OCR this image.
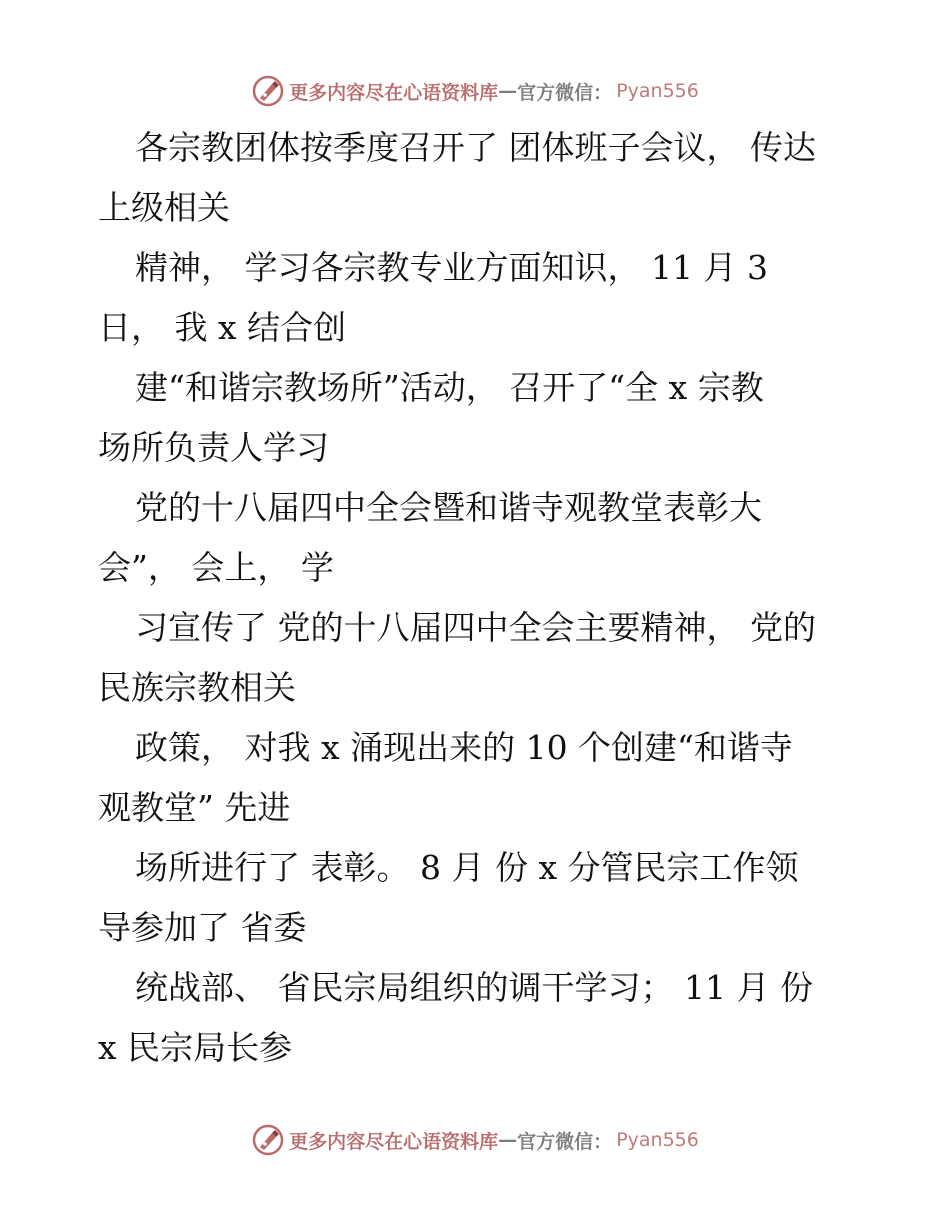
更多内容尽在心语资料库 — 官方微信： Pyan556
各宗教团体按季度召开了 团体班子会议， 传达
上级相关
精神， 学习各宗教专业方面知识， 11 月 3
日， 我 x 结合创
建“和谐宗教场所”活动， 召开了“全 x 宗教
场所负责人学习
党的十八届四中全会暨和谐寺观教堂表彰大
会”， 会上， 学
习宣传了 党的十八届四中全会主要精神， 党的
民族宗教相关
政策， 对我 x 涌现出来的 10 个创建“和谐寺
观教堂” 先进
场所进行了 表彰。 8 月 份 x 分管民宗工作领
导参加了 省委
统战部、 省民宗局组织的调干学习； 11 月 份
x 民宗局长参
更多内容尽在心语资料库 — 官方微信： Pyan556
